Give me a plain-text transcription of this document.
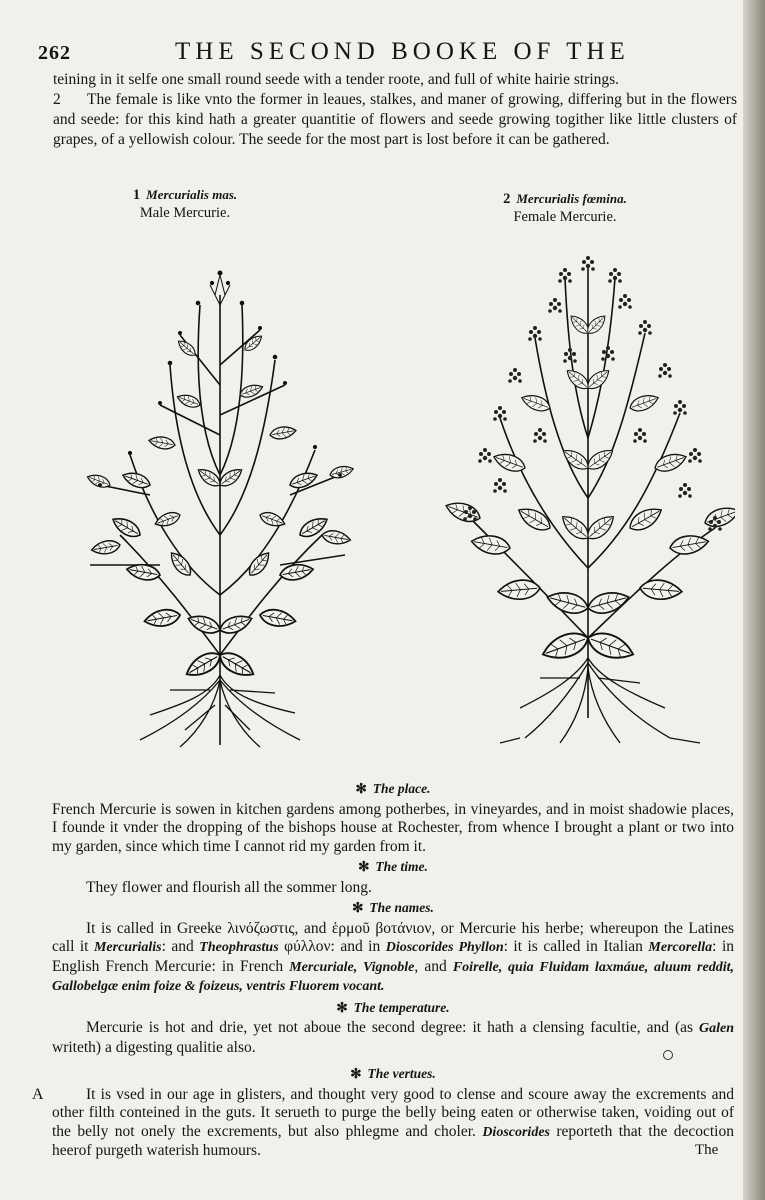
262	THE SECOND BOOKE OF THE

teining in it selfe one small round seede with a tender roote, and full of white hairie strings.

2 The female is like vnto the former in leaues, stalkes, and maner of growing, differing but in the flowers and seede: for this kind hath a greater quantitie of flowers and seede growing togither like little clusters of grapes, of a yellowish colour. The seede for the most part is lost before it can be gathered.

1 Mercurialis mas.
Male Mercurie.
2 Mercurialis fœmina.
Female Mercurie.
✻ The place.

French Mercurie is sowen in kitchen gardens among potherbes, in vineyardes, and in moist shadowie places, I founde it vnder the dropping of the bishops house at Rochester, from whence I brought a plant or two into my garden, since which time I cannot rid my garden from it.

✻ The time.

They flower and flourish all the sommer long.

✻ The names.

It is called in Greeke λινόζωστις, and ἑρμοῦ βοτάνιον, or Mercurie his herbe; whereupon the Latines call it Mercurialis: and Theophrastus φύλλον: and in Dioscorides Phyllon: it is called in Italian Mercorella: in English French Mercurie: in French Mercuriale, Vignoble, and Foirelle, quia Fluidam laxmáue, aluum reddit, Gallobelgæ enim foize & foizeus, ventris Fluorem vocant.

✻ The temperature.

Mercurie is hot and drie, yet not aboue the second degree: it hath a clensing facultie, and (as Galen writeth) a digesting qualitie also.

✻ The vertues.

A	It is vsed in our age in glisters, and thought very good to clense and scoure away the excrements and other filth conteined in the guts. It serueth to purge the belly being eaten or otherwise taken, voiding out of the belly not onely the excrements, but also phlegme and choler. Dioscorides reporteth that the decoction heerof purgeth waterish humours.	The
